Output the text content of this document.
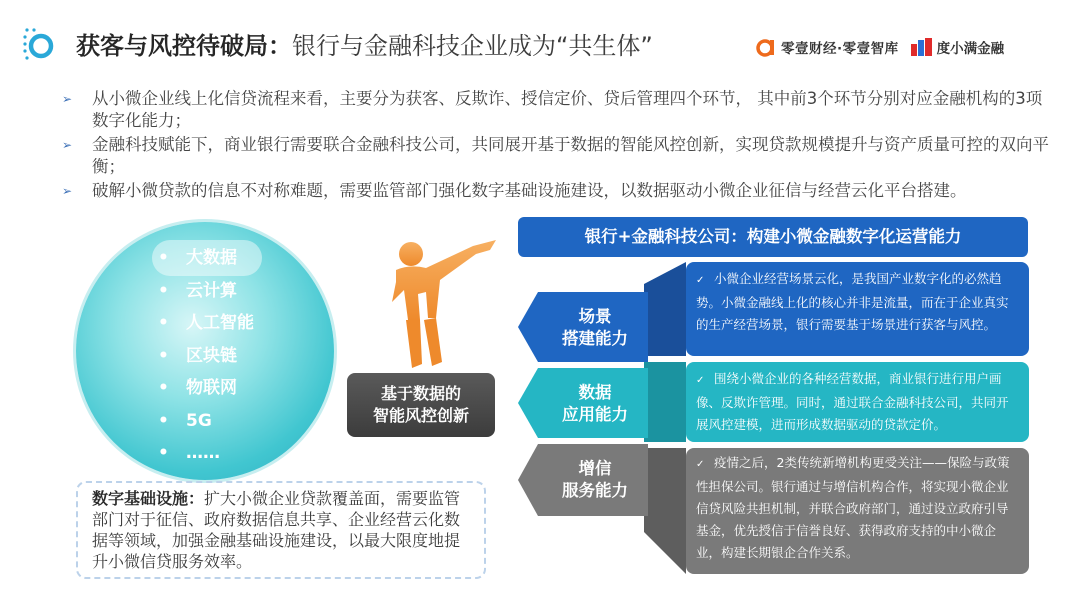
获客与风控待破局：银行与金融科技企业成为“共生体”	零壹财经·零壹智库	度小满金融
➢ 从小微企业线上化信贷流程来看，主要分为获客、反欺诈、授信定价、贷后管理四个环节， 其中前3个环节分别对应金融机构的3项数字化能力；
➢ 金融科技赋能下，商业银行需要联合金融科技公司，共同展开基于数据的智能风控创新，实现贷款规模提升与资产质量可控的双向平衡；
➢ 破解小微贷款的信息不对称难题，需要监管部门强化数字基础设施建设，以数据驱动小微企业征信与经营云化平台搭建。
• 大数据
• 云计算
• 人工智能
• 区块链
• 物联网
• 5G
• ……
数字基础设施：扩大小微企业贷款覆盖面，需要监管部门对于征信、政府数据信息共享、企业经营云化数据等领域，加强金融基础设施建设，以最大限度地提升小微信贷服务效率。
基于数据的
智能风控创新
银行+金融科技公司：构建小微金融数字化运营能力
场景
搭建能力
数据
应用能力
增信
服务能力
✓ 小微企业经营场景云化，是我国产业数字化的必然趋势。小微金融线上化的核心并非是流量，而在于企业真实的生产经营场景，银行需要基于场景进行获客与风控。
✓ 围绕小微企业的各种经营数据，商业银行进行用户画像、反欺诈管理。同时，通过联合金融科技公司，共同开展风控建模，进而形成数据驱动的贷款定价。
✓ 疫情之后，2类传统新增机构更受关注——保险与政策性担保公司。银行通过与增信机构合作，将实现小微企业信贷风险共担机制，并联合政府部门，通过设立政府引导基金，优先授信于信誉良好、获得政府支持的中小微企业，构建长期银企合作关系。
